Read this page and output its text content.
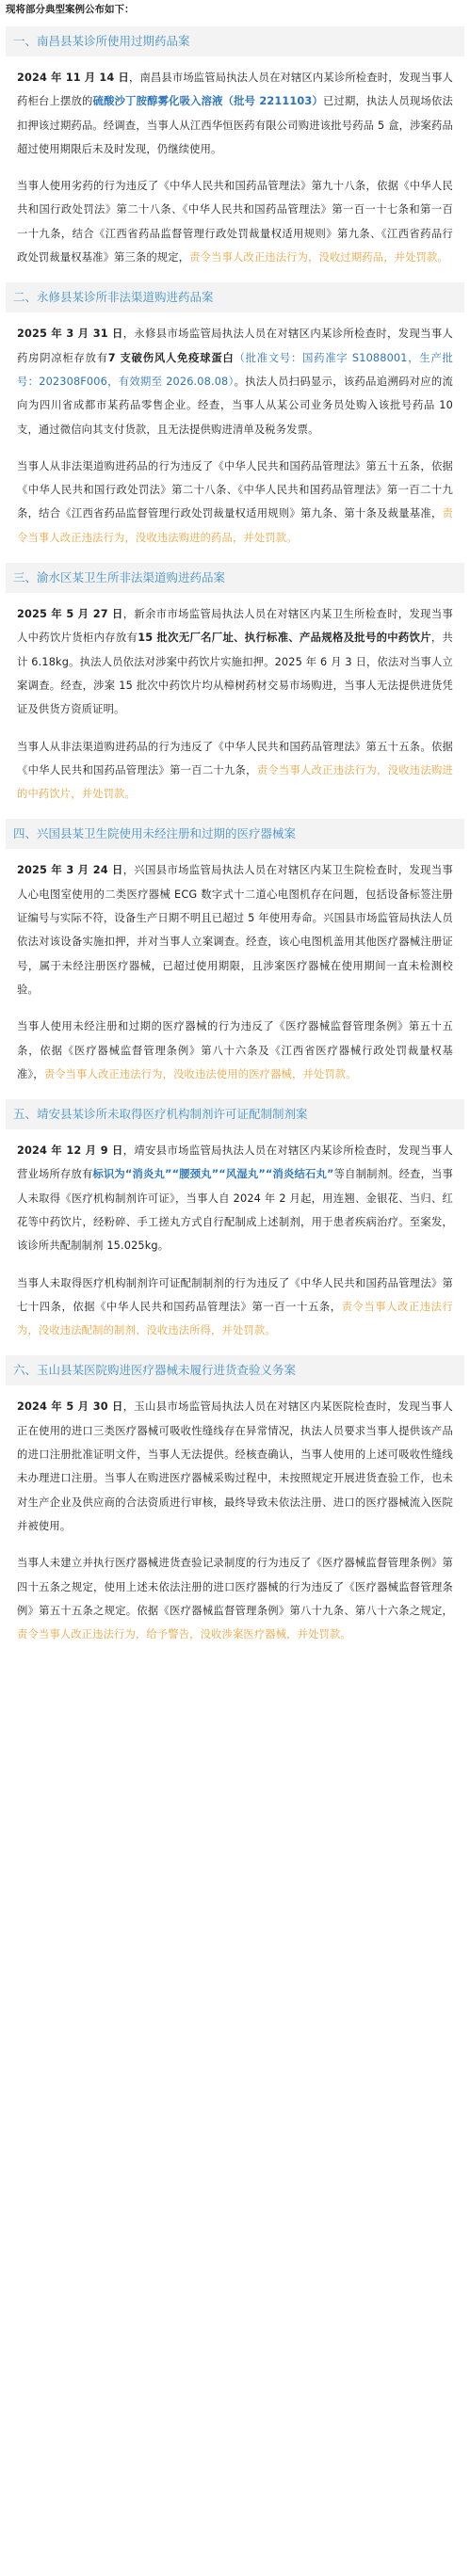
现将部分典型案例公布如下：

一、南昌县某诊所使用过期药品案

2024 年 11 月 14 日，南昌县市场监管局执法人员在对辖区内某诊所检查时，发现当事人药柜台上摆放的硫酸沙丁胺醇雾化吸入溶液（批号 2211103）已过期，执法人员现场依法扣押该过期药品。经调查，当事人从江西华恒医药有限公司购进该批号药品 5 盒，涉案药品超过使用期限后未及时发现，仍继续使用。

当事人使用劣药的行为违反了《中华人民共和国药品管理法》第九十八条，依据《中华人民共和国行政处罚法》第二十八条、《中华人民共和国药品管理法》第一百一十七条和第一百一十九条，结合《江西省药品监督管理行政处罚裁量权适用规则》第九条、《江西省药品行政处罚裁量权基准》第三条的规定，责令当事人改正违法行为，没收过期药品，并处罚款。

二、永修县某诊所非法渠道购进药品案

2025 年 3 月 31 日，永修县市场监管局执法人员在对辖区内某诊所检查时，发现当事人药房阴凉柜存放有7 支破伤风人免疫球蛋白（批准文号：国药准字 S1088001，生产批号：202308F006，有效期至 2026.08.08）。执法人员扫码显示，该药品追溯码对应的流向为四川省成都市某药品零售企业。经查，当事人从某公司业务员处购入该批号药品 10 支，通过微信向其支付货款，且无法提供购进清单及税务发票。

当事人从非法渠道购进药品的行为违反了《中华人民共和国药品管理法》第五十五条，依据《中华人民共和国行政处罚法》第二十八条、《中华人民共和国药品管理法》第一百二十九条，结合《江西省药品监督管理行政处罚裁量权适用规则》第九条、第十条及裁量基准，责令当事人改正违法行为，没收违法购进的药品，并处罚款。

三、渝水区某卫生所非法渠道购进药品案

2025 年 5 月 27 日，新余市市场监管局执法人员在对辖区内某卫生所检查时，发现当事人中药饮片货柜内存放有15 批次无厂名厂址、执行标准、产品规格及批号的中药饮片，共计 6.18kg。执法人员依法对涉案中药饮片实施扣押。2025 年 6 月 3 日，依法对当事人立案调查。经查，涉案 15 批次中药饮片均从樟树药材交易市场购进，当事人无法提供进货凭证及供货方资质证明。

当事人从非法渠道购进药品的行为违反了《中华人民共和国药品管理法》第五十五条。依据《中华人民共和国药品管理法》第一百二十九条，责令当事人改正违法行为，没收违法购进的中药饮片，并处罚款。

四、兴国县某卫生院使用未经注册和过期的医疗器械案

2025 年 3 月 24 日，兴国县市场监管局执法人员在对辖区内某卫生院检查时，发现当事人心电图室使用的二类医疗器械 ECG 数字式十二道心电图机存在问题，包括设备标签注册证编号与实际不符，设备生产日期不明且已超过 5 年使用寿命。兴国县市场监管局执法人员依法对该设备实施扣押，并对当事人立案调查。经查，该心电图机盖用其他医疗器械注册证号，属于未经注册医疗器械，已超过使用期限，且涉案医疗器械在使用期间一直未检测校验。

当事人使用未经注册和过期的医疗器械的行为违反了《医疗器械监督管理条例》第五十五条，依据《医疗器械监督管理条例》第八十六条及《江西省医疗器械行政处罚裁量权基准》，责令当事人改正违法行为，没收违法使用的医疗器械，并处罚款。

五、靖安县某诊所未取得医疗机构制剂许可证配制制剂案

2024 年 12 月 9 日，靖安县市场监管局执法人员在对辖区内某诊所检查时，发现当事人营业场所存放有标识为“消炎丸”“腰颈丸”“风湿丸”“消炎结石丸”等自制制剂。经查，当事人未取得《医疗机构制剂许可证》，当事人自 2024 年 2 月起，用连翘、金银花、当归、红花等中药饮片，经粉碎、手工搓丸方式自行配制成上述制剂，用于患者疾病治疗。至案发，该诊所共配制制剂 15.025kg。

当事人未取得医疗机构制剂许可证配制制剂的行为违反了《中华人民共和国药品管理法》第七十四条，依据《中华人民共和国药品管理法》第一百一十五条，责令当事人改正违法行为，没收违法配制的制剂、没收违法所得，并处罚款。

六、玉山县某医院购进医疗器械未履行进货查验义务案

2024 年 5 月 30 日，玉山县市场监管局执法人员在对辖区内某医院检查时，发现当事人正在使用的进口三类医疗器械可吸收性缝线存在异常情况，执法人员要求当事人提供该产品的进口注册批准证明文件，当事人无法提供。经核查确认，当事人使用的上述可吸收性缝线未办理进口注册。当事人在购进医疗器械采购过程中，未按照规定开展进货查验工作，也未对生产企业及供应商的合法资质进行审核，最终导致未依法注册、进口的医疗器械流入医院并被使用。

当事人未建立并执行医疗器械进货查验记录制度的行为违反了《医疗器械监督管理条例》第四十五条之规定，使用上述未依法注册的进口医疗器械的行为违反了《医疗器械监督管理条例》第五十五条之规定。依据《医疗器械监督管理条例》第八十九条、第八十六条之规定，责令当事人改正违法行为，给予警告，没收涉案医疗器械，并处罚款。
